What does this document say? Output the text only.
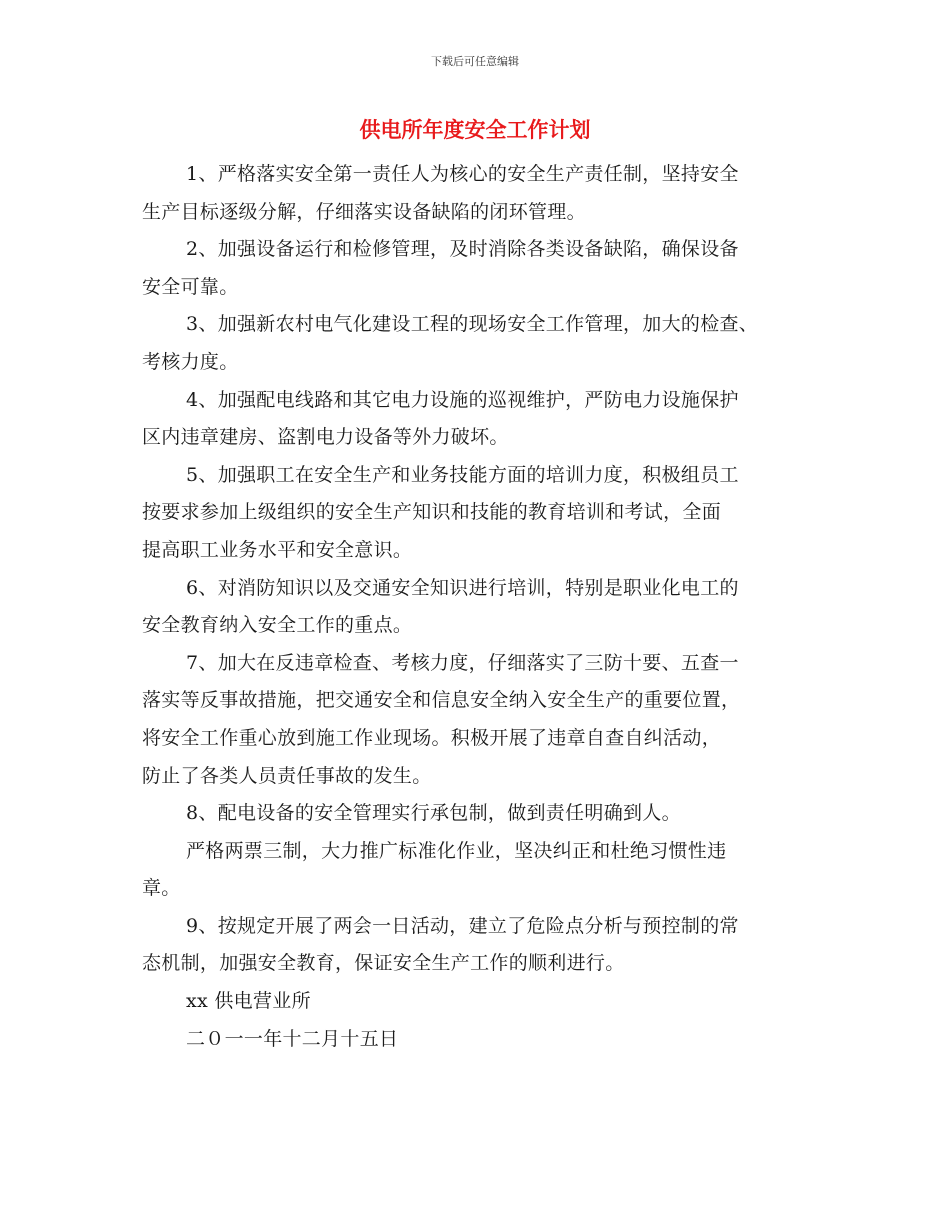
下载后可任意编辑
供电所年度安全工作计划
1、严格落实安全第一责任人为核心的安全生产责任制，坚持安全
生产目标逐级分解，仔细落实设备缺陷的闭环管理。
2、加强设备运行和检修管理，及时消除各类设备缺陷，确保设备
安全可靠。
3、加强新农村电气化建设工程的现场安全工作管理，加大的检查、
考核力度。
4、加强配电线路和其它电力设施的巡视维护，严防电力设施保护
区内违章建房、盗割电力设备等外力破坏。
5、加强职工在安全生产和业务技能方面的培训力度，积极组员工
按要求参加上级组织的安全生产知识和技能的教育培训和考试，全面
提高职工业务水平和安全意识。
6、对消防知识以及交通安全知识进行培训，特别是职业化电工的
安全教育纳入安全工作的重点。
7、加大在反违章检查、考核力度，仔细落实了三防十要、五查一
落实等反事故措施，把交通安全和信息安全纳入安全生产的重要位置，
将安全工作重心放到施工作业现场。积极开展了违章自查自纠活动，
防止了各类人员责任事故的发生。
8、配电设备的安全管理实行承包制，做到责任明确到人。
严格两票三制，大力推广标准化作业，坚决纠正和杜绝习惯性违
章。
9、按规定开展了两会一日活动，建立了危险点分析与预控制的常
态机制，加强安全教育，保证安全生产工作的顺利进行。
xx 供电营业所
二０一一年十二月十五日
